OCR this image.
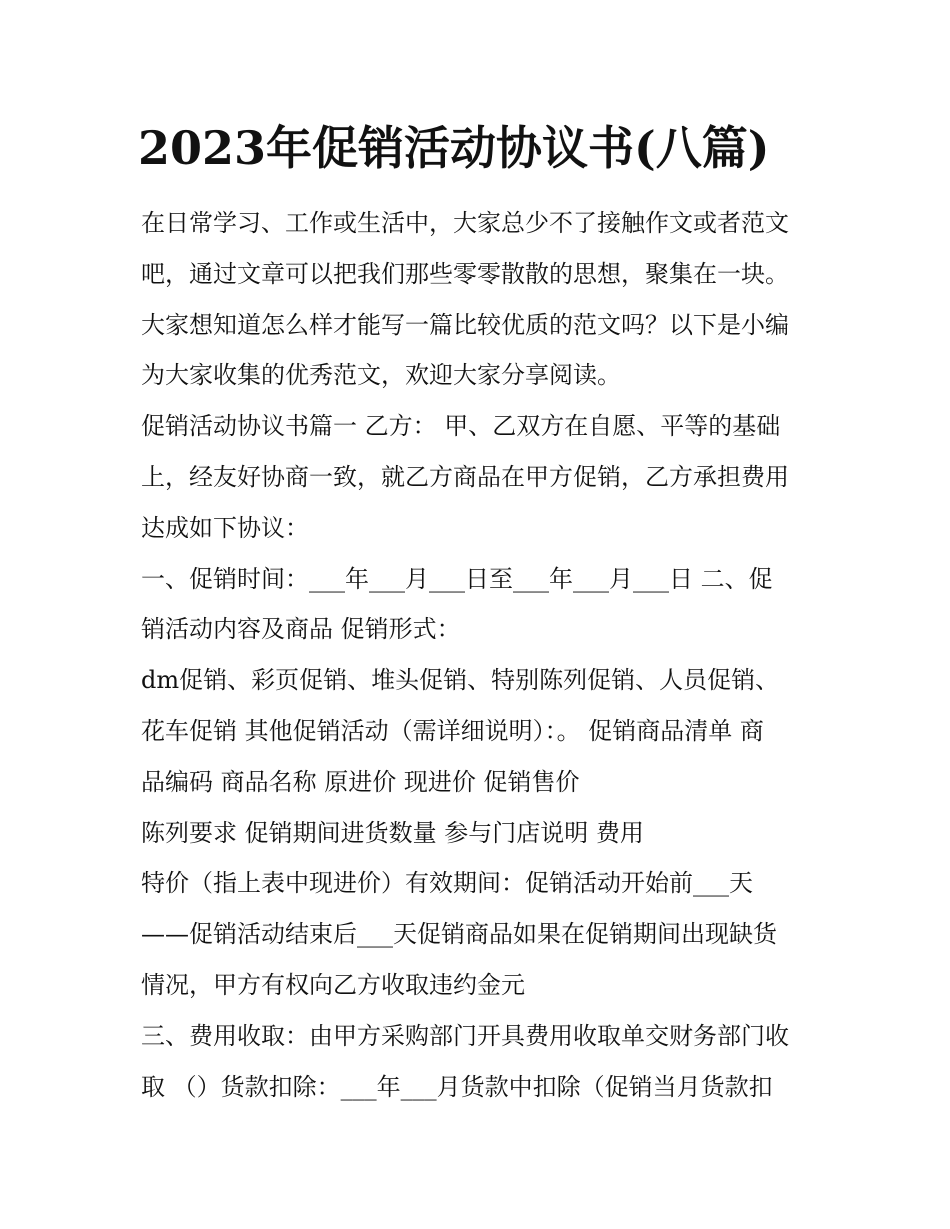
2023年促销活动协议书(八篇)
在日常学习、工作或生活中，大家总少不了接触作文或者范文
吧，通过文章可以把我们那些零零散散的思想，聚集在一块。
大家想知道怎么样才能写一篇比较优质的范文吗？以下是小编
为大家收集的优秀范文，欢迎大家分享阅读。
促销活动协议书篇一 乙方： 甲、乙双方在自愿、平等的基础
上，经友好协商一致，就乙方商品在甲方促销，乙方承担费用
达成如下协议：
一、促销时间：___年___月___日至___年___月___日 二、促
销活动内容及商品 促销形式：
dm促销、彩页促销、堆头促销、特别陈列促销、人员促销、
花车促销 其他促销活动（需详细说明）：。 促销商品清单 商
品编码 商品名称 原进价 现进价 促销售价
陈列要求 促销期间进货数量 参与门店说明 费用
特价（指上表中现进价）有效期间：促销活动开始前___天
——促销活动结束后___天促销商品如果在促销期间出现缺货
情况，甲方有权向乙方收取违约金元
三、费用收取：由甲方采购部门开具费用收取单交财务部门收
取 （）货款扣除：___年___月货款中扣除（促销当月货款扣
